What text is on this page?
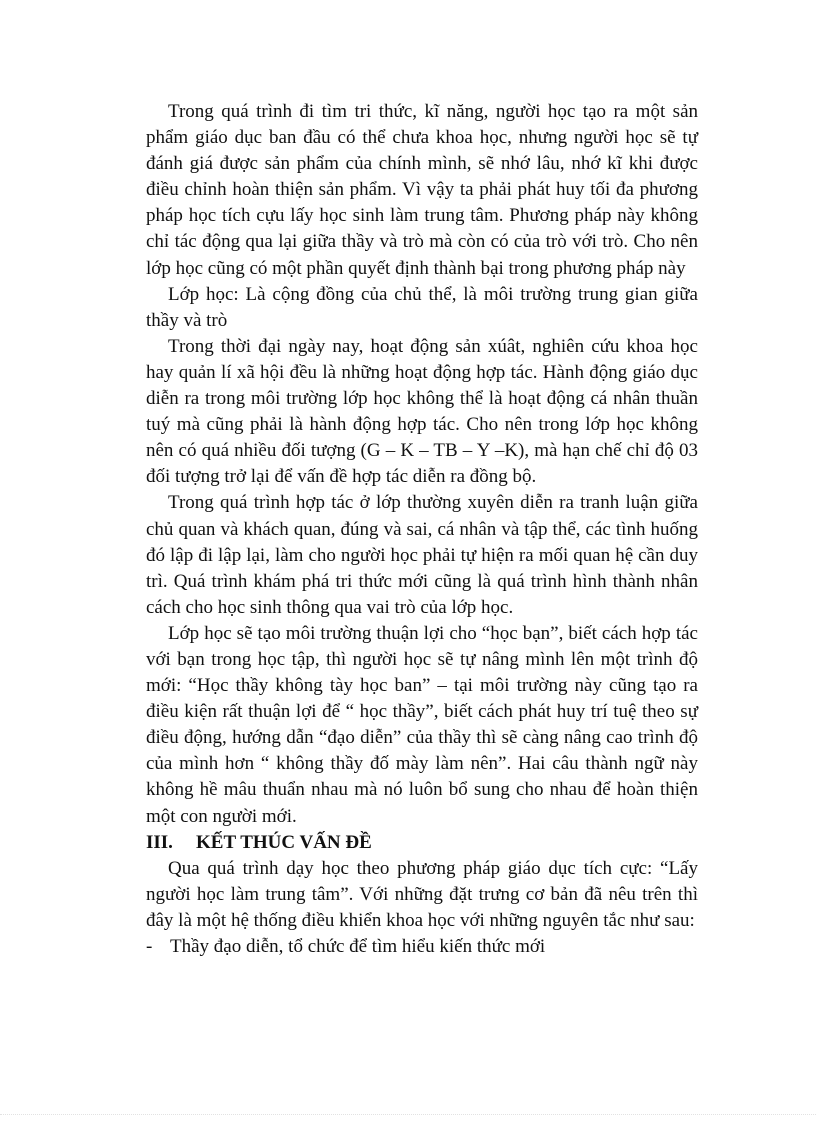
Trong quá trình đi tìm tri thức, kĩ năng, người học tạo ra một sản phẩm giáo dục ban đầu có thể chưa khoa học, nhưng người học sẽ tự đánh giá được sản phẩm của chính mình, sẽ nhớ lâu, nhớ kĩ khi được điều chỉnh hoàn thiện sản phẩm. Vì vậy ta phải phát huy tối đa phương pháp học tích cựu lấy học sinh làm trung tâm. Phương pháp này không chỉ tác động qua lại giữa thầy và trò mà còn có của trò với trò. Cho nên lớp học cũng có một phần quyết định thành bại trong phương pháp này

Lớp học: Là cộng đồng của chủ thể, là môi trường trung gian giữa thầy và trò

Trong thời đại ngày nay, hoạt động sản xúât, nghiên cứu khoa học hay quản lí xã hội đều là những hoạt động hợp tác. Hành động giáo dục diễn ra trong môi trường lớp học không thể là hoạt động cá nhân thuần tuý mà cũng phải là hành động hợp tác. Cho nên trong lớp học không nên có quá nhiều đối tượng (G – K – TB – Y –K), mà hạn chế chỉ độ 03 đối tượng trở lại để vấn đề hợp tác diễn ra đồng bộ.

Trong quá trình hợp tác ở lớp thường xuyên diễn ra tranh luận giữa chủ quan và khách quan, đúng và sai, cá nhân và tập thể, các tình huống đó lập đi lập lại, làm cho người học phải tự hiện ra mối quan hệ cần duy trì. Quá trình khám phá tri thức mới cũng là quá trình hình thành nhân cách cho học sinh thông qua vai trò của lớp học.

Lớp học sẽ tạo môi trường thuận lợi cho “học bạn”, biết cách hợp tác với bạn trong học tập, thì người học sẽ tự nâng mình lên một trình độ mới: “Học thầy không tày học ban” – tại môi trường này cũng tạo ra điều kiện rất thuận lợi để “ học thầy”, biết cách phát huy trí tuệ theo sự điều động, hướng dẫn “đạo diễn” của thầy thì sẽ càng nâng cao trình độ của mình hơn “ không thầy đố mày làm nên”. Hai câu thành ngữ này không hề mâu thuẩn nhau mà nó luôn bổ sung cho nhau để hoàn thiện một con người mới.

III. KẾT THÚC VẤN ĐỀ

Qua quá trình dạy học theo phương pháp giáo dục tích cực: “Lấy người học làm trung tâm”. Với những đặt trưng cơ bản đã nêu trên thì đây là một hệ thống điều khiển khoa học với những nguyên tắc như sau:

- Thầy đạo diễn, tổ chức để tìm hiểu kiến thức mới
